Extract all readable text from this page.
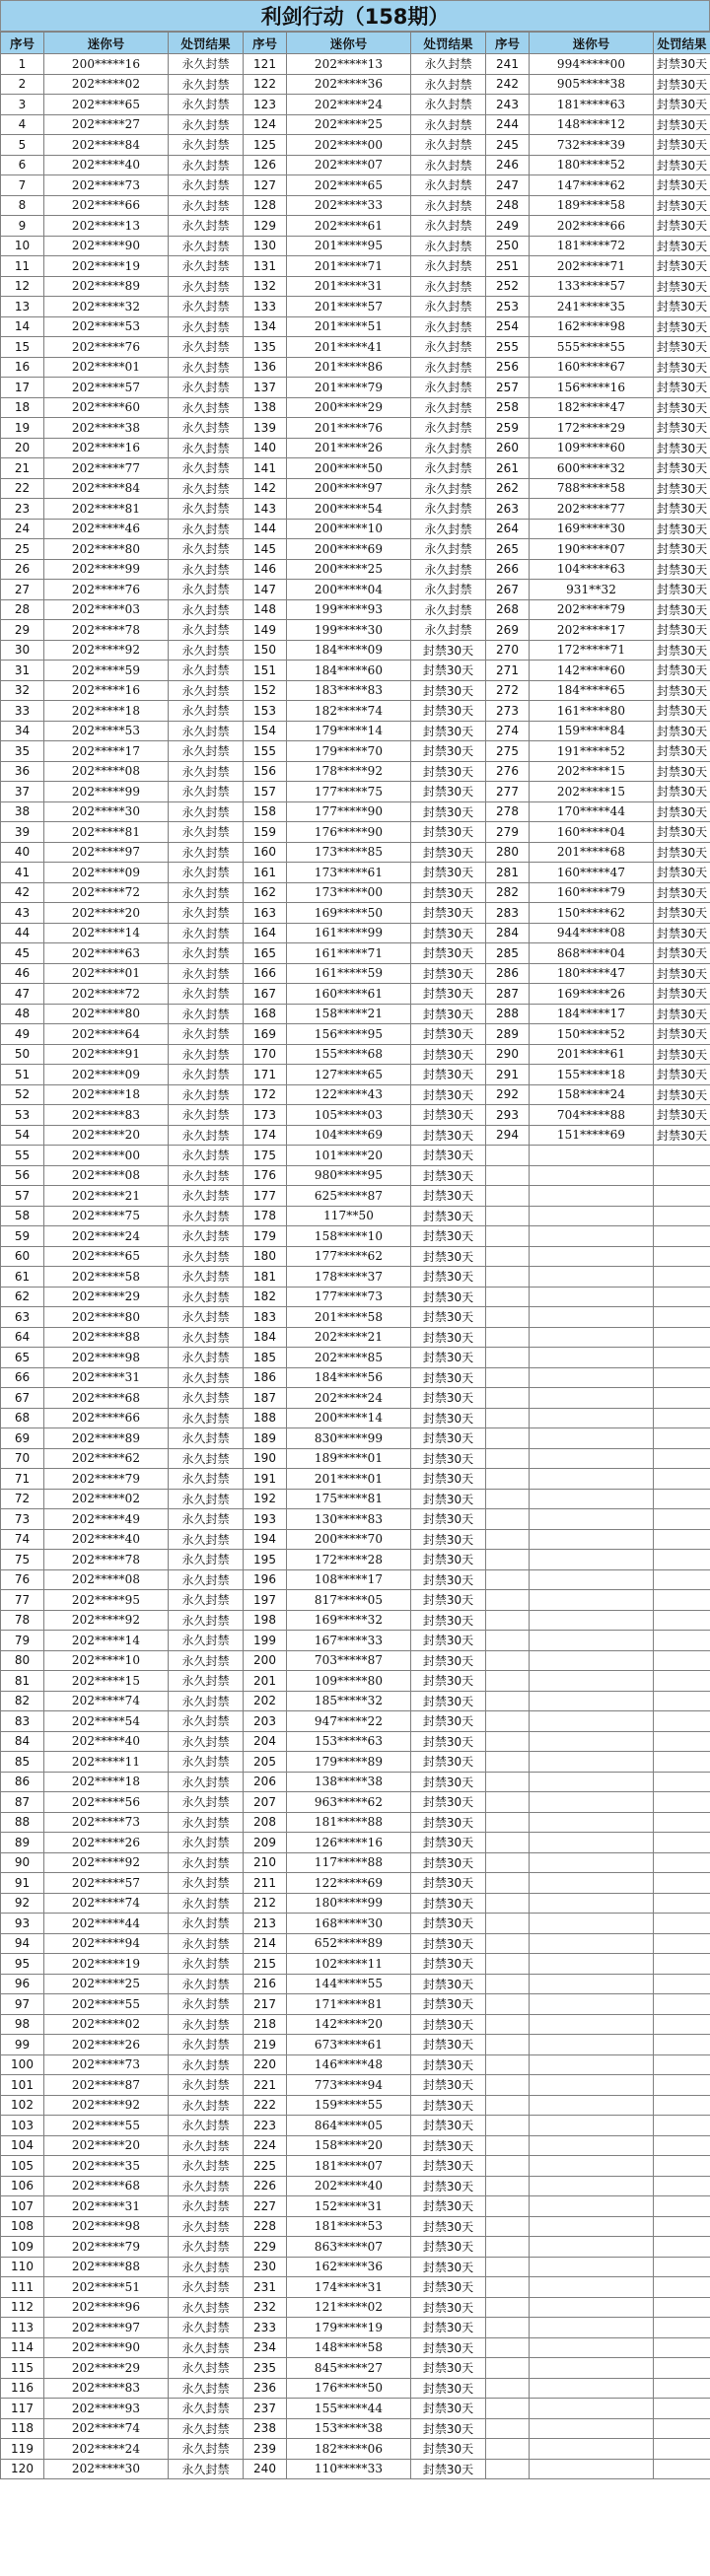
利剑行动（158期）
序号	迷你号	处罚结果	序号	迷你号	处罚结果	序号	迷你号	处罚结果
1	200*****16	永久封禁	121	202*****13	永久封禁	241	994*****00	封禁30天
2	202*****02	永久封禁	122	202*****36	永久封禁	242	905*****38	封禁30天
3	202*****65	永久封禁	123	202*****24	永久封禁	243	181*****63	封禁30天
4	202*****27	永久封禁	124	202*****25	永久封禁	244	148*****12	封禁30天
5	202*****84	永久封禁	125	202*****00	永久封禁	245	732*****39	封禁30天
6	202*****40	永久封禁	126	202*****07	永久封禁	246	180*****52	封禁30天
7	202*****73	永久封禁	127	202*****65	永久封禁	247	147*****62	封禁30天
8	202*****66	永久封禁	128	202*****33	永久封禁	248	189*****58	封禁30天
9	202*****13	永久封禁	129	202*****61	永久封禁	249	202*****66	封禁30天
10	202*****90	永久封禁	130	201*****95	永久封禁	250	181*****72	封禁30天
11	202*****19	永久封禁	131	201*****71	永久封禁	251	202*****71	封禁30天
12	202*****89	永久封禁	132	201*****31	永久封禁	252	133*****57	封禁30天
13	202*****32	永久封禁	133	201*****57	永久封禁	253	241*****35	封禁30天
14	202*****53	永久封禁	134	201*****51	永久封禁	254	162*****98	封禁30天
15	202*****76	永久封禁	135	201*****41	永久封禁	255	555*****55	封禁30天
16	202*****01	永久封禁	136	201*****86	永久封禁	256	160*****67	封禁30天
17	202*****57	永久封禁	137	201*****79	永久封禁	257	156*****16	封禁30天
18	202*****60	永久封禁	138	200*****29	永久封禁	258	182*****47	封禁30天
19	202*****38	永久封禁	139	201*****76	永久封禁	259	172*****29	封禁30天
20	202*****16	永久封禁	140	201*****26	永久封禁	260	109*****60	封禁30天
21	202*****77	永久封禁	141	200*****50	永久封禁	261	600*****32	封禁30天
22	202*****84	永久封禁	142	200*****97	永久封禁	262	788*****58	封禁30天
23	202*****81	永久封禁	143	200*****54	永久封禁	263	202*****77	封禁30天
24	202*****46	永久封禁	144	200*****10	永久封禁	264	169*****30	封禁30天
25	202*****80	永久封禁	145	200*****69	永久封禁	265	190*****07	封禁30天
26	202*****99	永久封禁	146	200*****25	永久封禁	266	104*****63	封禁30天
27	202*****76	永久封禁	147	200*****04	永久封禁	267	931**32	封禁30天
28	202*****03	永久封禁	148	199*****93	永久封禁	268	202*****79	封禁30天
29	202*****78	永久封禁	149	199*****30	永久封禁	269	202*****17	封禁30天
30	202*****92	永久封禁	150	184*****09	封禁30天	270	172*****71	封禁30天
31	202*****59	永久封禁	151	184*****60	封禁30天	271	142*****60	封禁30天
32	202*****16	永久封禁	152	183*****83	封禁30天	272	184*****65	封禁30天
33	202*****18	永久封禁	153	182*****74	封禁30天	273	161*****80	封禁30天
34	202*****53	永久封禁	154	179*****14	封禁30天	274	159*****84	封禁30天
35	202*****17	永久封禁	155	179*****70	封禁30天	275	191*****52	封禁30天
36	202*****08	永久封禁	156	178*****92	封禁30天	276	202*****15	封禁30天
37	202*****99	永久封禁	157	177*****75	封禁30天	277	202*****15	封禁30天
38	202*****30	永久封禁	158	177*****90	封禁30天	278	170*****44	封禁30天
39	202*****81	永久封禁	159	176*****90	封禁30天	279	160*****04	封禁30天
40	202*****97	永久封禁	160	173*****85	封禁30天	280	201*****68	封禁30天
41	202*****09	永久封禁	161	173*****61	封禁30天	281	160*****47	封禁30天
42	202*****72	永久封禁	162	173*****00	封禁30天	282	160*****79	封禁30天
43	202*****20	永久封禁	163	169*****50	封禁30天	283	150*****62	封禁30天
44	202*****14	永久封禁	164	161*****99	封禁30天	284	944*****08	封禁30天
45	202*****63	永久封禁	165	161*****71	封禁30天	285	868*****04	封禁30天
46	202*****01	永久封禁	166	161*****59	封禁30天	286	180*****47	封禁30天
47	202*****72	永久封禁	167	160*****61	封禁30天	287	169*****26	封禁30天
48	202*****80	永久封禁	168	158*****21	封禁30天	288	184*****17	封禁30天
49	202*****64	永久封禁	169	156*****95	封禁30天	289	150*****52	封禁30天
50	202*****91	永久封禁	170	155*****68	封禁30天	290	201*****61	封禁30天
51	202*****09	永久封禁	171	127*****65	封禁30天	291	155*****18	封禁30天
52	202*****18	永久封禁	172	122*****43	封禁30天	292	158*****24	封禁30天
53	202*****83	永久封禁	173	105*****03	封禁30天	293	704*****88	封禁30天
54	202*****20	永久封禁	174	104*****69	封禁30天	294	151*****69	封禁30天
55	202*****00	永久封禁	175	101*****20	封禁30天			
56	202*****08	永久封禁	176	980*****95	封禁30天			
57	202*****21	永久封禁	177	625*****87	封禁30天			
58	202*****75	永久封禁	178	117**50	封禁30天			
59	202*****24	永久封禁	179	158*****10	封禁30天			
60	202*****65	永久封禁	180	177*****62	封禁30天			
61	202*****58	永久封禁	181	178*****37	封禁30天			
62	202*****29	永久封禁	182	177*****73	封禁30天			
63	202*****80	永久封禁	183	201*****58	封禁30天			
64	202*****88	永久封禁	184	202*****21	封禁30天			
65	202*****98	永久封禁	185	202*****85	封禁30天			
66	202*****31	永久封禁	186	184*****56	封禁30天			
67	202*****68	永久封禁	187	202*****24	封禁30天			
68	202*****66	永久封禁	188	200*****14	封禁30天			
69	202*****89	永久封禁	189	830*****99	封禁30天			
70	202*****62	永久封禁	190	189*****01	封禁30天			
71	202*****79	永久封禁	191	201*****01	封禁30天			
72	202*****02	永久封禁	192	175*****81	封禁30天			
73	202*****49	永久封禁	193	130*****83	封禁30天			
74	202*****40	永久封禁	194	200*****70	封禁30天			
75	202*****78	永久封禁	195	172*****28	封禁30天			
76	202*****08	永久封禁	196	108*****17	封禁30天			
77	202*****95	永久封禁	197	817*****05	封禁30天			
78	202*****92	永久封禁	198	169*****32	封禁30天			
79	202*****14	永久封禁	199	167*****33	封禁30天			
80	202*****10	永久封禁	200	703*****87	封禁30天			
81	202*****15	永久封禁	201	109*****80	封禁30天			
82	202*****74	永久封禁	202	185*****32	封禁30天			
83	202*****54	永久封禁	203	947*****22	封禁30天			
84	202*****40	永久封禁	204	153*****63	封禁30天			
85	202*****11	永久封禁	205	179*****89	封禁30天			
86	202*****18	永久封禁	206	138*****38	封禁30天			
87	202*****56	永久封禁	207	963*****62	封禁30天			
88	202*****73	永久封禁	208	181*****88	封禁30天			
89	202*****26	永久封禁	209	126*****16	封禁30天			
90	202*****92	永久封禁	210	117*****88	封禁30天			
91	202*****57	永久封禁	211	122*****69	封禁30天			
92	202*****74	永久封禁	212	180*****99	封禁30天			
93	202*****44	永久封禁	213	168*****30	封禁30天			
94	202*****94	永久封禁	214	652*****89	封禁30天			
95	202*****19	永久封禁	215	102*****11	封禁30天			
96	202*****25	永久封禁	216	144*****55	封禁30天			
97	202*****55	永久封禁	217	171*****81	封禁30天			
98	202*****02	永久封禁	218	142*****20	封禁30天			
99	202*****26	永久封禁	219	673*****61	封禁30天			
100	202*****73	永久封禁	220	146*****48	封禁30天			
101	202*****87	永久封禁	221	773*****94	封禁30天			
102	202*****92	永久封禁	222	159*****55	封禁30天			
103	202*****55	永久封禁	223	864*****05	封禁30天			
104	202*****20	永久封禁	224	158*****20	封禁30天			
105	202*****35	永久封禁	225	181*****07	封禁30天			
106	202*****68	永久封禁	226	202*****40	封禁30天			
107	202*****31	永久封禁	227	152*****31	封禁30天			
108	202*****98	永久封禁	228	181*****53	封禁30天			
109	202*****79	永久封禁	229	863*****07	封禁30天			
110	202*****88	永久封禁	230	162*****36	封禁30天			
111	202*****51	永久封禁	231	174*****31	封禁30天			
112	202*****96	永久封禁	232	121*****02	封禁30天			
113	202*****97	永久封禁	233	179*****19	封禁30天			
114	202*****90	永久封禁	234	148*****58	封禁30天			
115	202*****29	永久封禁	235	845*****27	封禁30天			
116	202*****83	永久封禁	236	176*****50	封禁30天			
117	202*****93	永久封禁	237	155*****44	封禁30天			
118	202*****74	永久封禁	238	153*****38	封禁30天			
119	202*****24	永久封禁	239	182*****06	封禁30天			
120	202*****30	永久封禁	240	110*****33	封禁30天			
